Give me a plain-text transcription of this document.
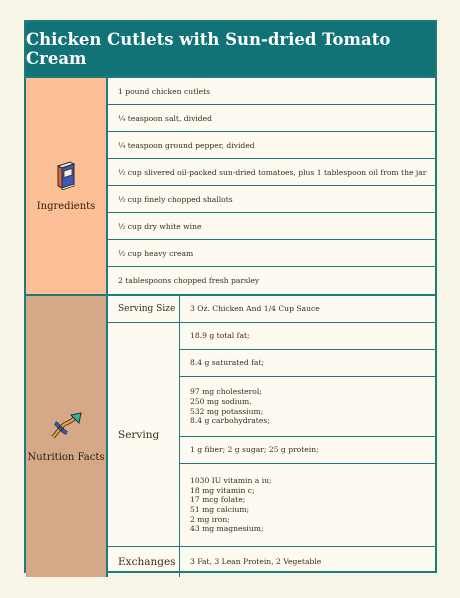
Chicken Cutlets with Sun-dried Tomato Cream
Ingredients
1 pound chicken cutlets
¼ teaspoon salt, divided
¼ teaspoon ground pepper, divided
½ cup slivered oil-packed sun-dried tomatoes, plus 1 tablespoon oil from the jar
½ cup finely chopped shallots
½ cup dry white wine
½ cup heavy cream
2 tablespoons chopped fresh parsley
Nutrition Facts
Serving Size	3 Oz. Chicken And 1/4 Cup Sauce
Serving
18.9 g total fat;
8.4 g saturated fat;
97 mg cholesterol;
250 mg sodium.
532 mg potassium;
8.4 g carbohydrates;
1 g fiber; 2 g sugar; 25 g protein;
1030 IU vitamin a iu;
18 mg vitamin c;
17 mcg folate;
51 mg calcium;
2 mg iron;
43 mg magnesium;
Exchanges	3 Fat, 3 Lean Protein, 2 Vegetable
